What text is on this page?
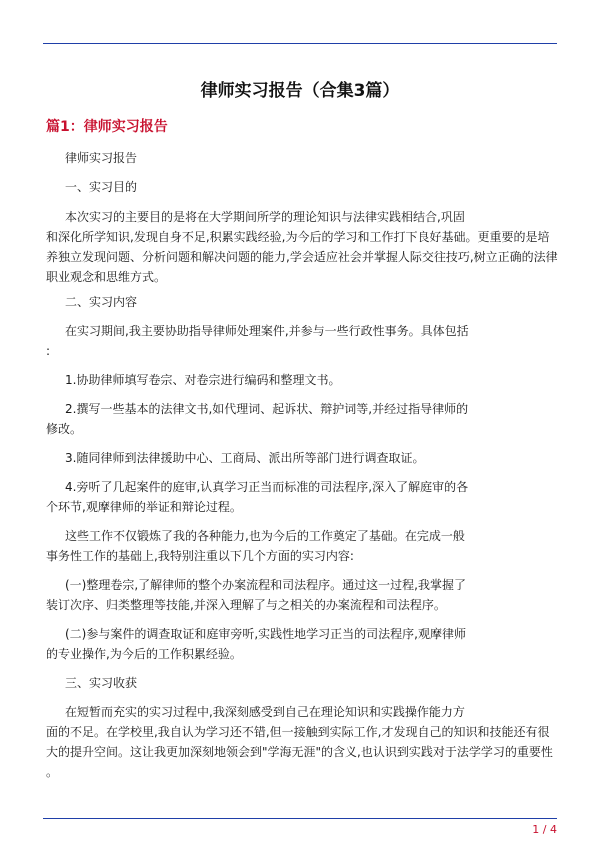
律师实习报告（合集3篇）
篇1：律师实习报告
律师实习报告
一、实习目的
本次实习的主要目的是将在大学期间所学的理论知识与法律实践相结合,巩固
和深化所学知识,发现自身不足,积累实践经验,为今后的学习和工作打下良好基础。更重要的是培
养独立发现问题、分析问题和解决问题的能力,学会适应社会并掌握人际交往技巧,树立正确的法律
职业观念和思维方式。
二、实习内容
在实习期间,我主要协助指导律师处理案件,并参与一些行政性事务。具体包括
:
1.协助律师填写卷宗、对卷宗进行编码和整理文书。
2.撰写一些基本的法律文书,如代理词、起诉状、辩护词等,并经过指导律师的
修改。
3.随同律师到法律援助中心、工商局、派出所等部门进行调查取证。
4.旁听了几起案件的庭审,认真学习正当而标准的司法程序,深入了解庭审的各
个环节,观摩律师的举证和辩论过程。
这些工作不仅锻炼了我的各种能力,也为今后的工作奠定了基础。在完成一般
事务性工作的基础上,我特别注重以下几个方面的实习内容:
(一)整理卷宗,了解律师的整个办案流程和司法程序。通过这一过程,我掌握了
装订次序、归类整理等技能,并深入理解了与之相关的办案流程和司法程序。
(二)参与案件的调查取证和庭审旁听,实践性地学习正当的司法程序,观摩律师
的专业操作,为今后的工作积累经验。
三、实习收获
在短暂而充实的实习过程中,我深刻感受到自己在理论知识和实践操作能力方
面的不足。在学校里,我自认为学习还不错,但一接触到实际工作,才发现自己的知识和技能还有很
大的提升空间。这让我更加深刻地领会到"学海无涯"的含义,也认识到实践对于法学学习的重要性
。
1 / 4
